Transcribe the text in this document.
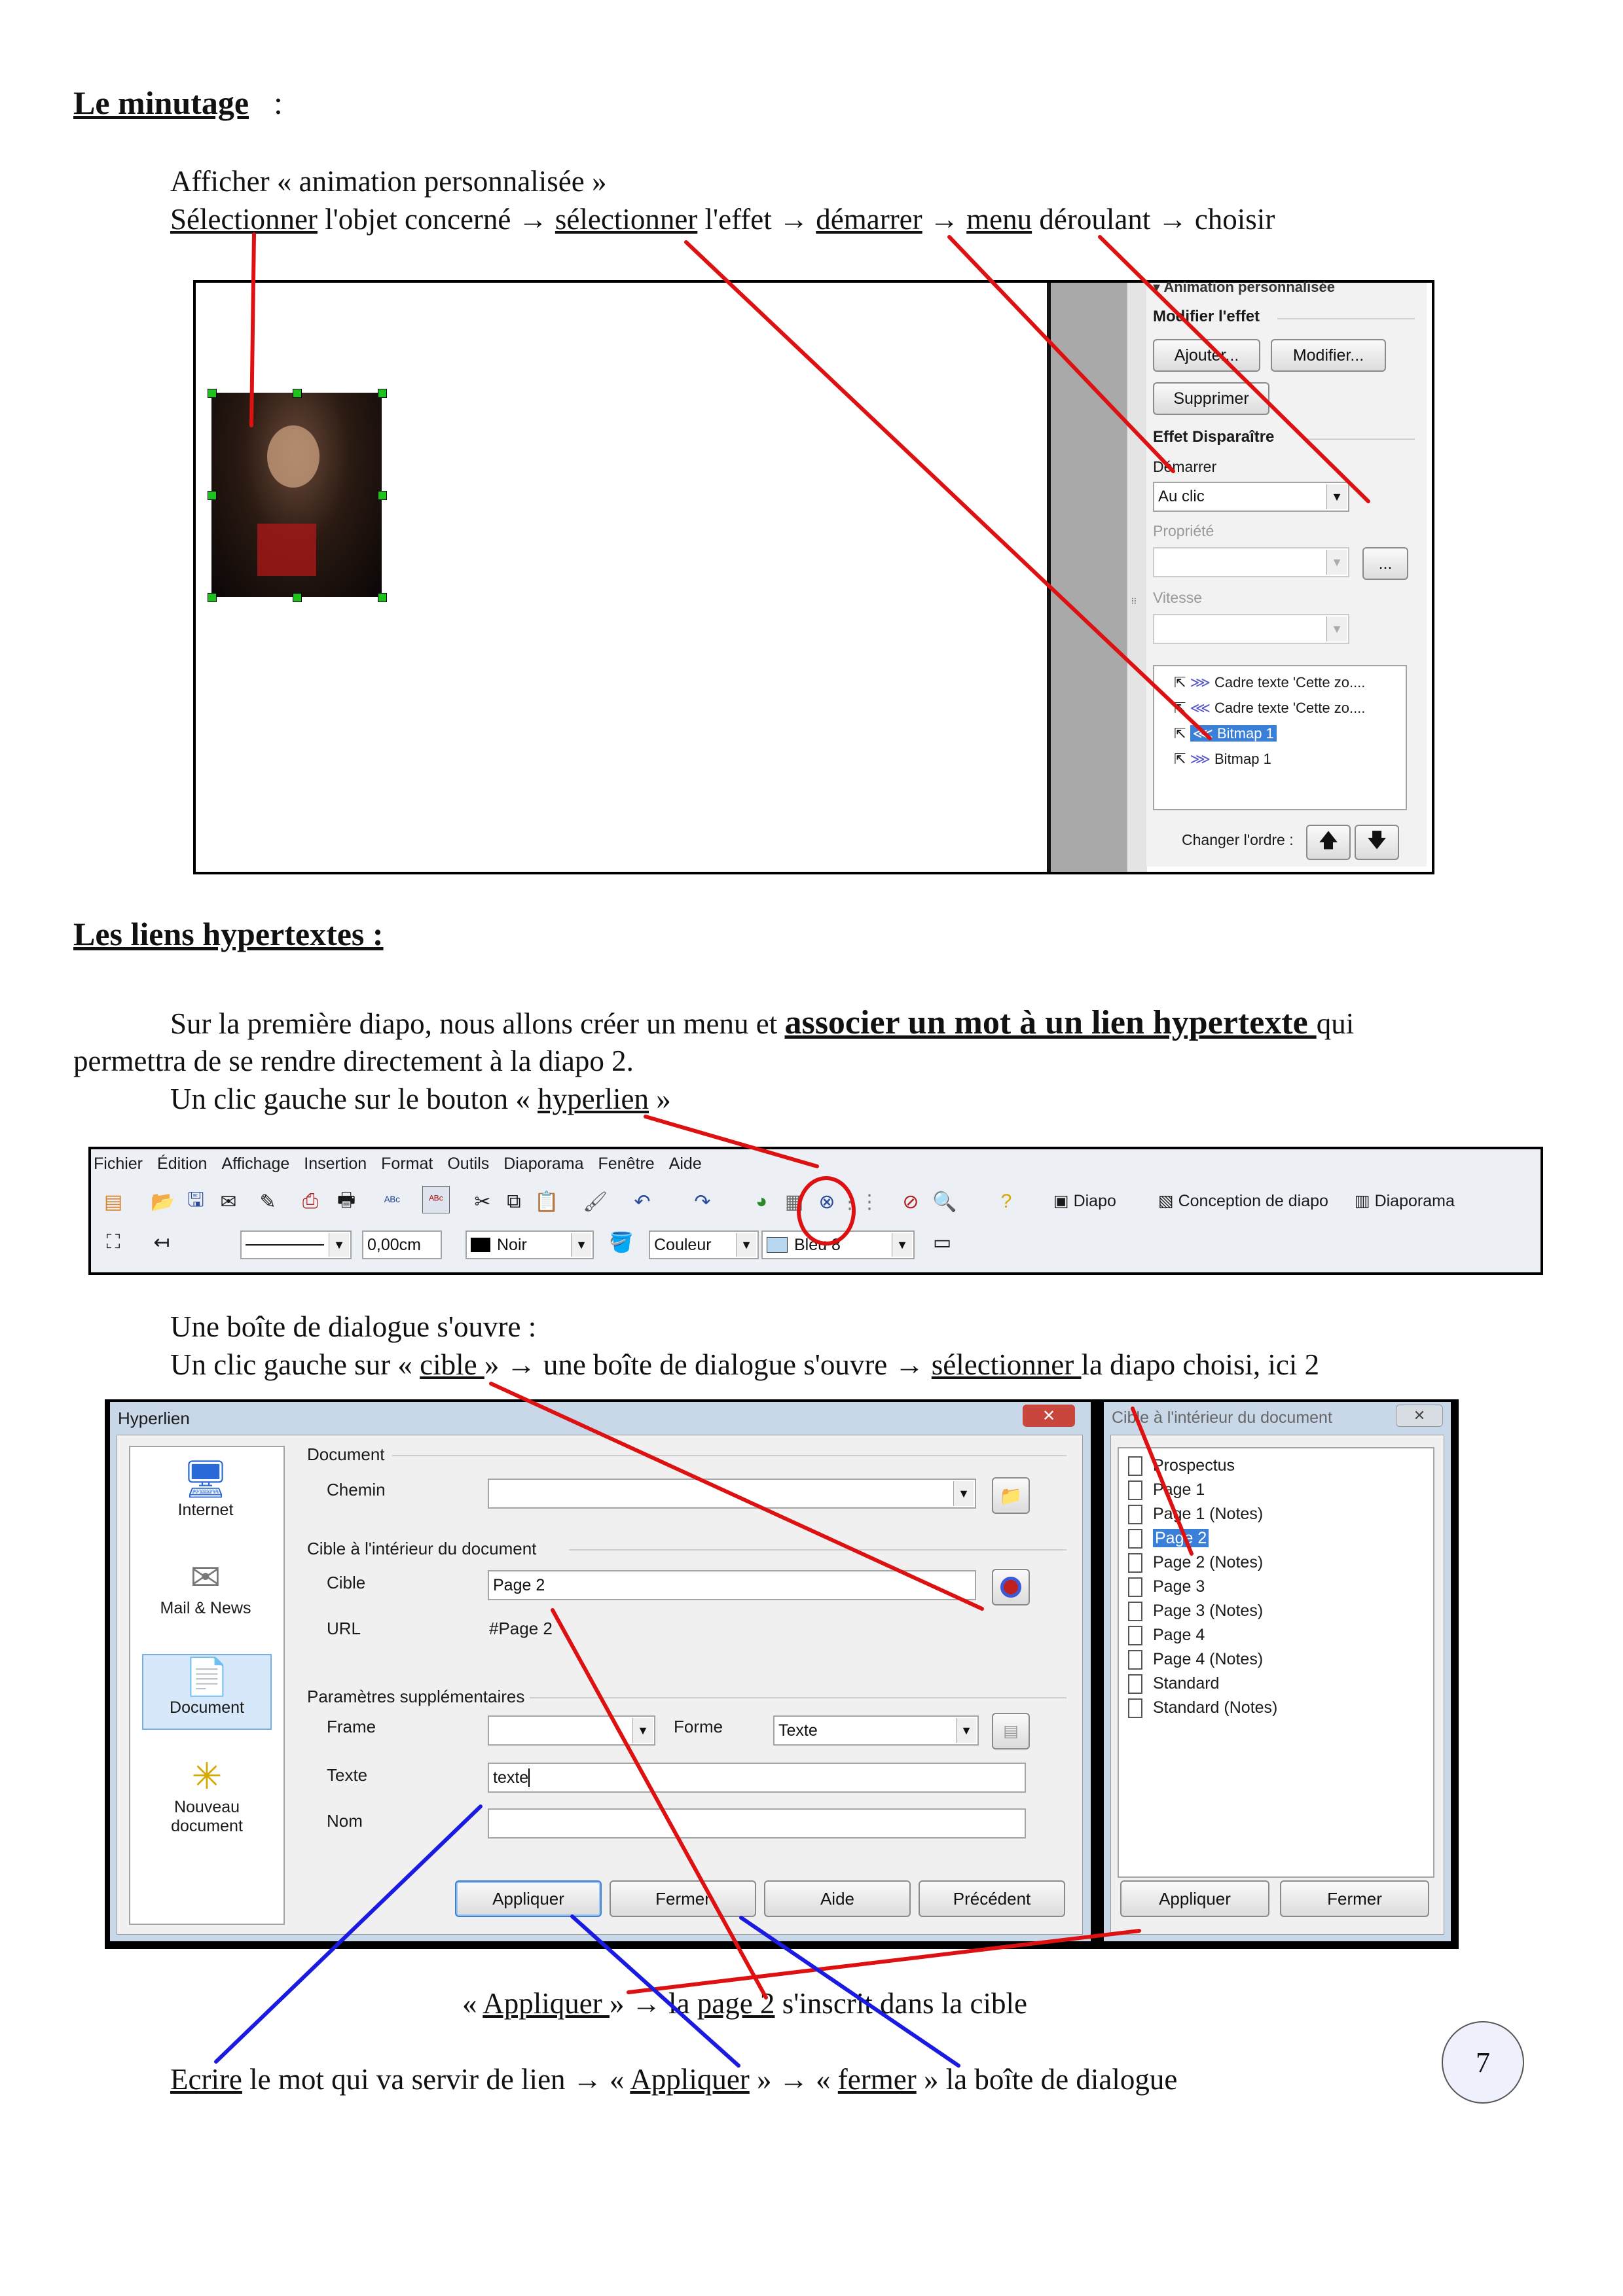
Le minutage :
Afficher « animation personnalisée »
Sélectionner l'objet concerné → sélectionner l'effet → démarrer → menu déroulant → choisir
⁞⁞
▾ Animation personnalisée
Modifier l'effet
Ajouter...	Modifier...
Supprimer
Effet Disparaître
Démarrer
Au clic	▼
Propriété
▼	...
Vitesse
▼
⇱ ⋙ Cadre texte 'Cette zo....
⇱ ⋘ Cadre texte 'Cette zo....
⇱ ⋘ Bitmap 1
⇱ ⋙ Bitmap 1
Changer l'ordre : 🡅 🡇
Les liens hypertextes :
Sur la première diapo, nous allons créer un menu et associer un mot à un lien hypertexte qui
permettra de se rendre directement à la diapo 2.
Un clic gauche sur le bouton « hyperlien »
Fichier Édition Affichage Insertion Format Outils Diaporama Fenêtre Aide
▤ 📂 🖫 ✉ ✎ ⎙ 🖶	ᴬᴮᶜ	ᴬᴮᶜ	✂ ⧉ 📋 🖌 ↶ ↷	◕ ▦ ⊗ ⋮⋮ ⊘ 🔍	?	▣ Diapo	▧ Conception de diapo ▥ Diaporama
⛶	↤	▼	0,00cm	Noir	▼ 🪣 Couleur	▼	Bleu 8	▼ ▭
Une boîte de dialogue s'ouvre :
Un clic gauche sur « cible » → une boîte de dialogue s'ouvre → sélectionner la diapo choisi, ici 2
Hyperlien	✕
🖥
Internet
✉
Mail & News
📄
Document
✳
Nouveau document
Document
Chemin	▼ 📁
Cible à l'intérieur du document
Cible	Page 2
URL	#Page 2
Paramètres supplémentaires
Frame	▼ Forme	Texte	▼ ▤
Texte	texte
Nom
Appliquer	Fermer	Aide	Précédent
Cible à l'intérieur du document	✕
Prospectus
Page 1
Page 1 (Notes)
Page 2
Page 2 (Notes)
Page 3
Page 3 (Notes)
Page 4
Page 4 (Notes)
Standard
Standard (Notes)
Appliquer	Fermer
« Appliquer » → la page 2 s'inscrit dans la cible
Ecrire le mot qui va servir de lien → « Appliquer » → « fermer » la boîte de dialogue
7
